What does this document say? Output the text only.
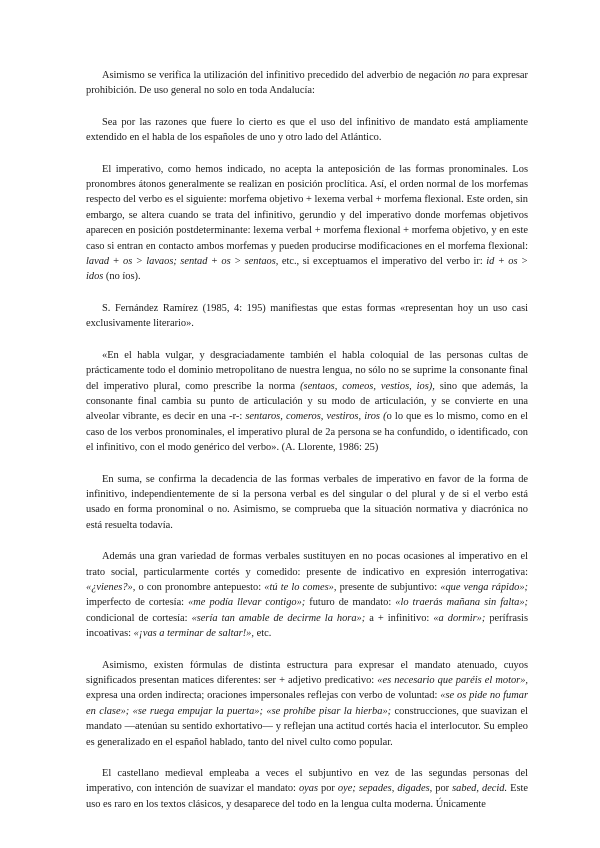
Asimismo se verifica la utilización del infinitivo precedido del adverbio de negación no para expresar prohibición. De uso general no solo en toda Andalucía:

Sea por las razones que fuere lo cierto es que el uso del infinitivo de mandato está ampliamente extendido en el habla de los españoles de uno y otro lado del Atlántico.

El imperativo, como hemos indicado, no acepta la anteposición de las formas pronominales. Los pronombres átonos generalmente se realizan en posición proclítica. Así, el orden normal de los morfemas respecto del verbo es el siguiente: morfema objetivo + lexema verbal + morfema flexional. Este orden, sin embargo, se altera cuando se trata del infinitivo, gerundio y del imperativo donde morfemas objetivos aparecen en posición postdeterminante: lexema verbal + morfema flexional + morfema objetivo, y en este caso si entran en contacto ambos morfemas y pueden producirse modificaciones en el morfema flexional: lavad + os > lavaos; sentad + os > sentaos, etc., si exceptuamos el imperativo del verbo ir: id + os > idos (no íos).

S. Fernández Ramírez (1985, 4: 195) manifiestas que estas formas «representan hoy un uso casi exclusivamente literario».

«En el habla vulgar, y desgraciadamente también el habla coloquial de las personas cultas de prácticamente todo el dominio metropolitano de nuestra lengua, no sólo no se suprime la consonante final del imperativo plural, como prescribe la norma (sentaos, comeos, vestios, ios), sino que además, la consonante final cambia su punto de articulación y su modo de articulación, y se convierte en una alveolar vibrante, es decir en una -r-: sentaros, comeros, vestiros, iros (o lo que es lo mismo, como en el caso de los verbos pronominales, el imperativo plural de 2a persona se ha confundido, o identificado, con el infinitivo, con el modo genérico del verbo». (A. Llorente, 1986: 25)

En suma, se confirma la decadencia de las formas verbales de imperativo en favor de la forma de infinitivo, independientemente de si la persona verbal es del singular o del plural y de si el verbo está usado en forma pronominal o no. Asimismo, se comprueba que la situación normativa y diacrónica no está resuelta todavía.

Además una gran variedad de formas verbales sustituyen en no pocas ocasiones al imperativo en el trato social, particularmente cortés y comedido: presente de indicativo en expresión interrogativa: «¿vienes?», o con pronombre antepuesto: «tú te lo comes», presente de subjuntivo: «que venga rápido»; imperfecto de cortesía: «me podía llevar contigo»; futuro de mandato: «lo traerás mañana sin falta»; condicional de cortesía: «sería tan amable de decirme la hora»; a + infinitivo: «a dormir»; perífrasis incoativas: «¡vas a terminar de saltar!», etc.

Asimismo, existen fórmulas de distinta estructura para expresar el mandato atenuado, cuyos significados presentan matices diferentes: ser + adjetivo predicativo: «es necesario que paréis el motor», expresa una orden indirecta; oraciones impersonales reflejas con verbo de voluntad: «se os pide no fumar en clase»; «se ruega empujar la puerta»; «se prohíbe pisar la hierba»; construcciones, que suavizan el mandato —atenúan su sentido exhortativo— y reflejan una actitud cortés hacia el interlocutor. Su empleo es generalizado en el español hablado, tanto del nivel culto como popular.

El castellano medieval empleaba a veces el subjuntivo en vez de las segundas personas del imperativo, con intención de suavizar el mandato: oyas por oye; sepades, digades, por sabed, decid. Este uso es raro en los textos clásicos, y desaparece del todo en la lengua culta moderna. Únicamente
